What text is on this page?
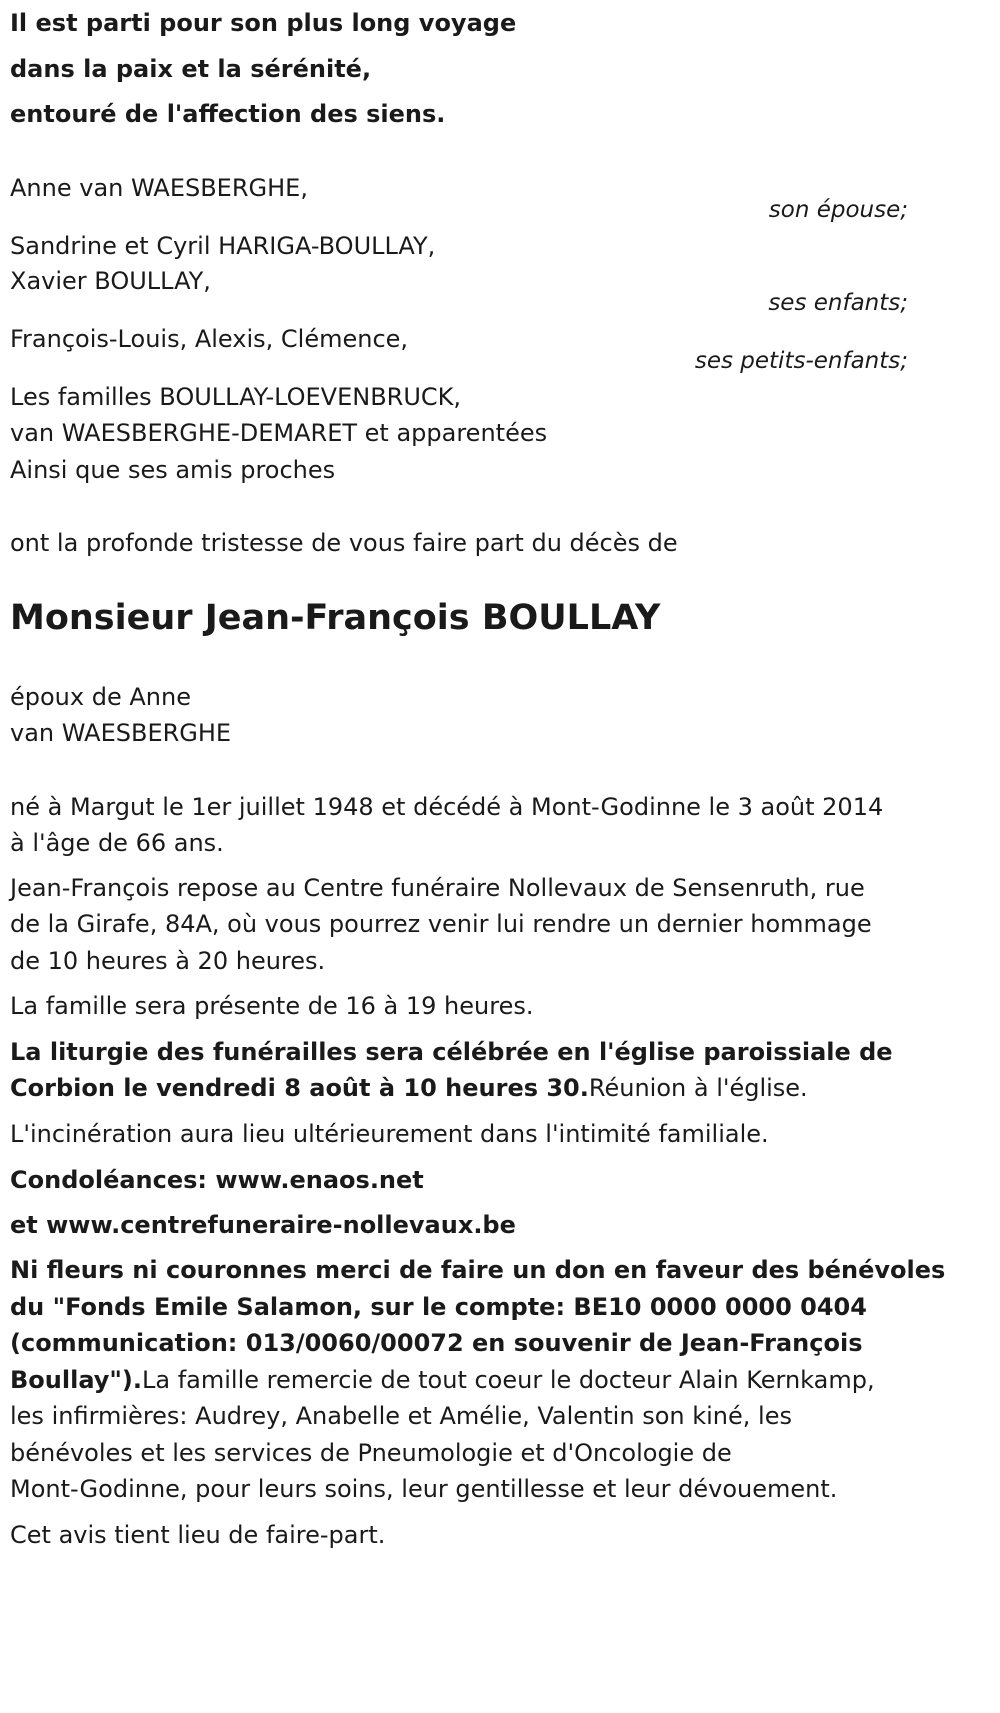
Il est parti pour son plus long voyage
dans la paix et la sérénité,
entouré de l'affection des siens.
Anne van WAESBERGHE,
son épouse;
Sandrine et Cyril HARIGA-BOULLAY,
Xavier BOULLAY,
ses enfants;
François-Louis, Alexis, Clémence,
ses petits-enfants;
Les familles BOULLAY-LOEVENBRUCK,
van WAESBERGHE-DEMARET et apparentées
Ainsi que ses amis proches
ont la profonde tristesse de vous faire part du décès de
Monsieur Jean-François BOULLAY
époux de Anne
van WAESBERGHE
né à Margut le 1er juillet 1948 et décédé à Mont-Godinne le 3 août 2014
à l'âge de 66 ans.
Jean-François repose au Centre funéraire Nollevaux de Sensenruth, rue
de la Girafe, 84A, où vous pourrez venir lui rendre un dernier hommage
de 10 heures à 20 heures.
La famille sera présente de 16 à 19 heures.
La liturgie des funérailles sera célébrée en l'église paroissiale de
Corbion le vendredi 8 août à 10 heures 30.Réunion à l'église.
L'incinération aura lieu ultérieurement dans l'intimité familiale.
Condoléances: www.enaos.net
et www.centrefuneraire-nollevaux.be
Ni fleurs ni couronnes merci de faire un don en faveur des bénévoles
du "Fonds Emile Salamon, sur le compte: BE10 0000 0000 0404
(communication: 013/0060/00072 en souvenir de Jean-François
Boullay").La famille remercie de tout coeur le docteur Alain Kernkamp,
les infirmières: Audrey, Anabelle et Amélie, Valentin son kiné, les
bénévoles et les services de Pneumologie et d'Oncologie de
Mont-Godinne, pour leurs soins, leur gentillesse et leur dévouement.
Cet avis tient lieu de faire-part.
